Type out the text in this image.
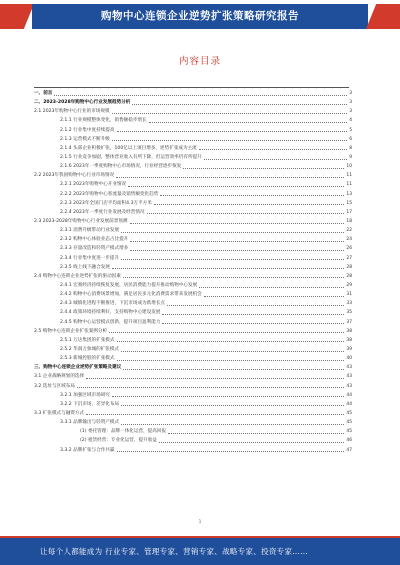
购物中心连锁企业逆势扩张策略研究报告
内容目录
一、前言	3
二、2023-2028年购物中心行业发展趋势分析	3
2.1 2023年购物中心行业的市场规模	3
2.1.1 行业规模整体变化，销售额稳步增长	4
2.1.2 行业集中度持续提高	5
2.1.3 运营模式不断升级	6
2.1.4 头部企业积极扩张，100亿以上项目增多，逆势扩张成为主流	8
2.1.5 行业竞争加剧，整体营业收入有所下降，但运营效率仍有所提升	9
2.1.6 2023年一季度购物中心市场情况，行业经营逐步恢复	10
2.2 2023年我国购物中心行业市场情况	11
2.2.1 2023年购物中心开业情况	11
2.2.2 2023年购物中心客流量及销售额变化趋势	13
2.2.3 2023年全国门店平均面积4.3万平方米	15
2.2.4 2023年一季度行业发展及经营情况	17
2.3 2023-2028年购物中心行业发展前景预测	18
2.3.1 消费升级带动行业发展	22
2.3.2 购物中心体验业态占比提升	24
2.3.3 存量改造和轻资产模式增多	26
2.3.4 行业集中度进一步提升	27
2.3.5 线上线下融合发展	28
2.4 购物中心连锁企业逆势扩张的驱动因素	28
2.4.1 宏观经济持续恢复发展，居民消费能力提升推动购物中心发展	29
2.4.2 购物中心消费场景增加，满足居民多元化消费需求带来发展机会	31
2.4.3 城镇化进程不断推进，下沉市场成为新增长点	33
2.4.4 政策环境持续利好，支持购物中心建设发展	35
2.4.5 购物中心运营模式创新，提升项目盈利能力	37
2.5 购物中心连锁企业扩张案例分析	38
2.5.1 万达集团的扩张模式	38
2.5.2 华润万象城的扩张模式	39
2.5.3 新城控股的扩张模式	40
三、购物中心连锁企业逆势扩张策略及建议	43
3.1 企业战略规划的选择	43
3.2 选址与区域布局	43
3.2.1 加强区域市场研究	44
3.2.2 下沉市场，差异化布局	44
3.3 扩张模式与融资方式	45
3.3.1 品牌输出与轻资产模式	45
(1) 委托管理：品牌一体化运营，提高回报	45
(2) 租赁经营：专业化运营，提升收益	46
3.3.2 品牌扩张与合作共赢	47
1
让每个人都能成为 行业专家、管理专家、营销专家、战略专家、投资专家……
